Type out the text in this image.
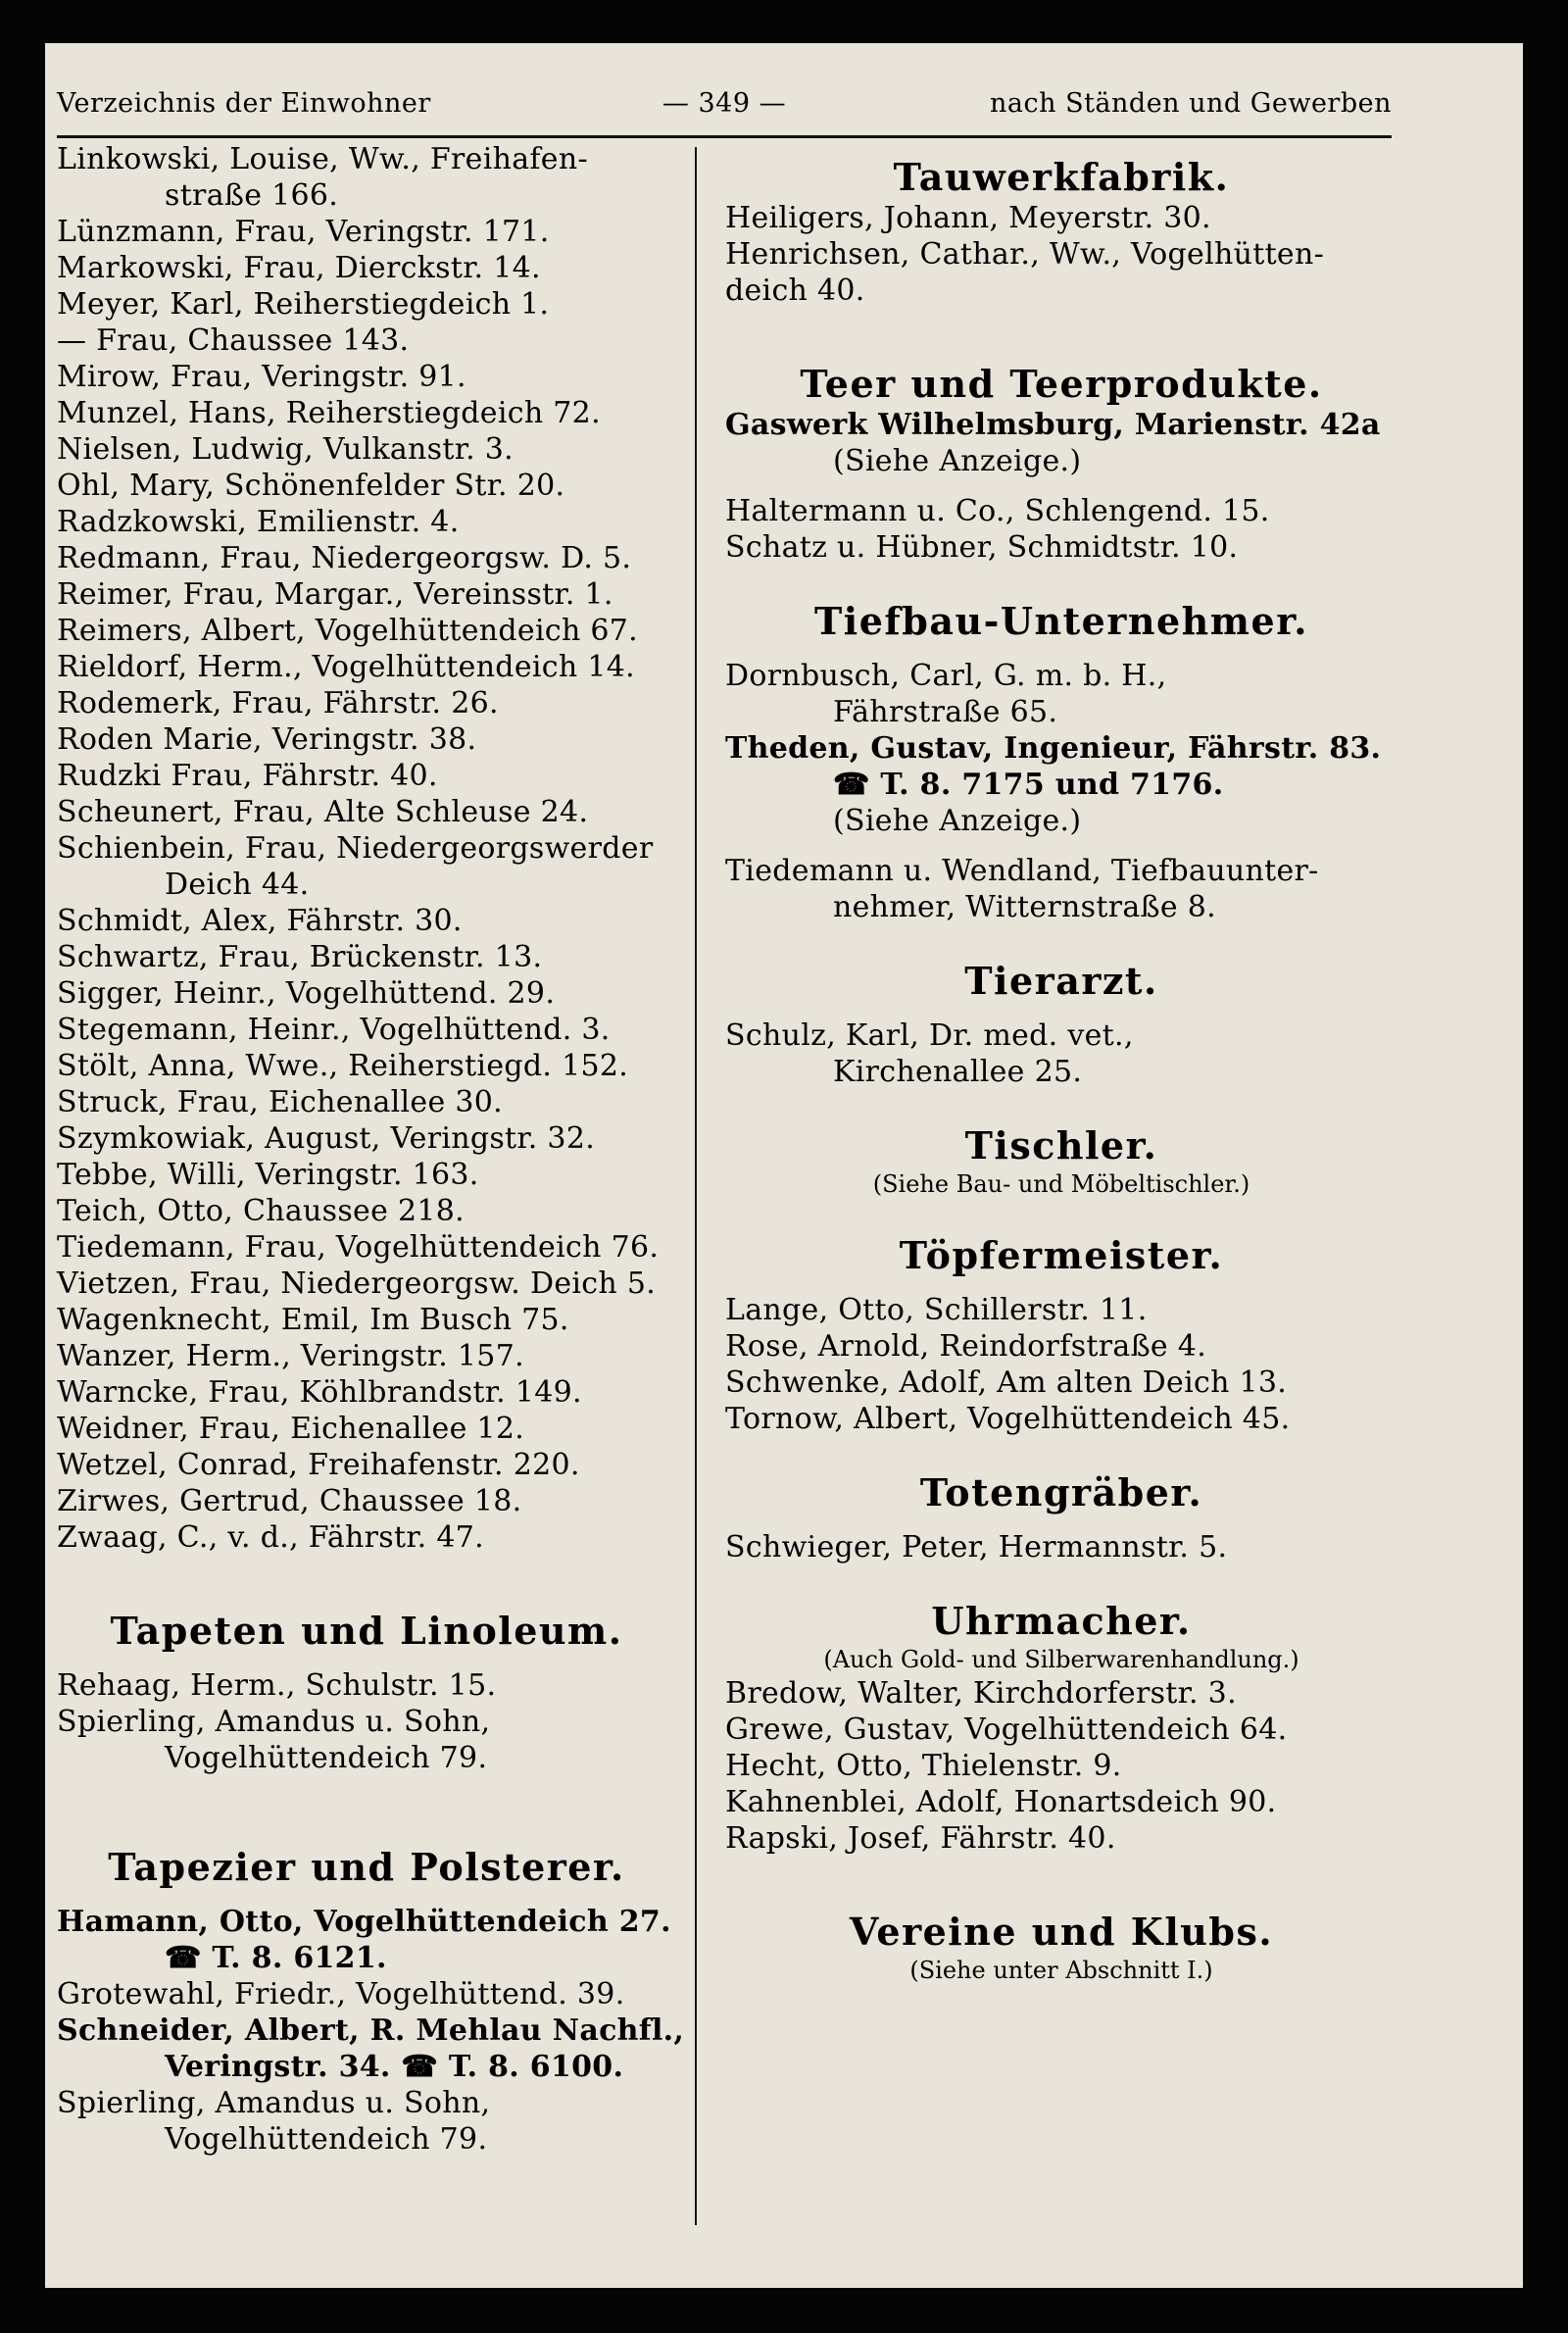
Verzeichnis der Einwohner	— 349 —	nach Ständen und Gewerben
Linkowski, Louise, Ww., Freihafen-
straße 166.
Lünzmann, Frau, Veringstr. 171.
Markowski, Frau, Dierckstr. 14.
Meyer, Karl, Reiherstiegdeich 1.
— Frau, Chaussee 143.
Mirow, Frau, Veringstr. 91.
Munzel, Hans, Reiherstiegdeich 72.
Nielsen, Ludwig, Vulkanstr. 3.
Ohl, Mary, Schönenfelder Str. 20.
Radzkowski, Emilienstr. 4.
Redmann, Frau, Niedergeorgsw. D. 5.
Reimer, Frau, Margar., Vereinsstr. 1.
Reimers, Albert, Vogelhüttendeich 67.
Rieldorf, Herm., Vogelhüttendeich 14.
Rodemerk, Frau, Fährstr. 26.
Roden Marie, Veringstr. 38.
Rudzki Frau, Fährstr. 40.
Scheunert, Frau, Alte Schleuse 24.
Schienbein, Frau, Niedergeorgswerder
Deich 44.
Schmidt, Alex, Fährstr. 30.
Schwartz, Frau, Brückenstr. 13.
Sigger, Heinr., Vogelhüttend. 29.
Stegemann, Heinr., Vogelhüttend. 3.
Stölt, Anna, Wwe., Reiherstiegd. 152.
Struck, Frau, Eichenallee 30.
Szymkowiak, August, Veringstr. 32.
Tebbe, Willi, Veringstr. 163.
Teich, Otto, Chaussee 218.
Tiedemann, Frau, Vogelhüttendeich 76.
Vietzen, Frau, Niedergeorgsw. Deich 5.
Wagenknecht, Emil, Im Busch 75.
Wanzer, Herm., Veringstr. 157.
Warncke, Frau, Köhlbrandstr. 149.
Weidner, Frau, Eichenallee 12.
Wetzel, Conrad, Freihafenstr. 220.
Zirwes, Gertrud, Chaussee 18.
Zwaag, C., v. d., Fährstr. 47.
Tapeten und Linoleum.
Rehaag, Herm., Schulstr. 15.
Spierling, Amandus u. Sohn,
Vogelhüttendeich 79.
Tapezier und Polsterer.
Hamann, Otto, Vogelhüttendeich 27.
☎ T. 8. 6121.
Grotewahl, Friedr., Vogelhüttend. 39.
Schneider, Albert, R. Mehlau Nachfl.,
Veringstr. 34. ☎ T. 8. 6100.
Spierling, Amandus u. Sohn,
Vogelhüttendeich 79.
Tauwerkfabrik.
Heiligers, Johann, Meyerstr. 30.
Henrichsen, Cathar., Ww., Vogelhütten-
deich 40.
Teer und Teerprodukte.
Gaswerk Wilhelmsburg, Marienstr. 42a
(Siehe Anzeige.)
Haltermann u. Co., Schlengend. 15.
Schatz u. Hübner, Schmidtstr. 10.
Tiefbau-Unternehmer.
Dornbusch, Carl, G. m. b. H.,
Fährstraße 65.
Theden, Gustav, Ingenieur, Fährstr. 83.
☎ T. 8. 7175 und 7176.
(Siehe Anzeige.)
Tiedemann u. Wendland, Tiefbauunter-
nehmer, Witternstraße 8.
Tierarzt.
Schulz, Karl, Dr. med. vet.,
Kirchenallee 25.
Tischler.
(Siehe Bau- und Möbeltischler.)
Töpfermeister.
Lange, Otto, Schillerstr. 11.
Rose, Arnold, Reindorfstraße 4.
Schwenke, Adolf, Am alten Deich 13.
Tornow, Albert, Vogelhüttendeich 45.
Totengräber.
Schwieger, Peter, Hermannstr. 5.
Uhrmacher.
(Auch Gold- und Silberwarenhandlung.)
Bredow, Walter, Kirchdorferstr. 3.
Grewe, Gustav, Vogelhüttendeich 64.
Hecht, Otto, Thielenstr. 9.
Kahnenblei, Adolf, Honartsdeich 90.
Rapski, Josef, Fährstr. 40.
Vereine und Klubs.
(Siehe unter Abschnitt I.)
